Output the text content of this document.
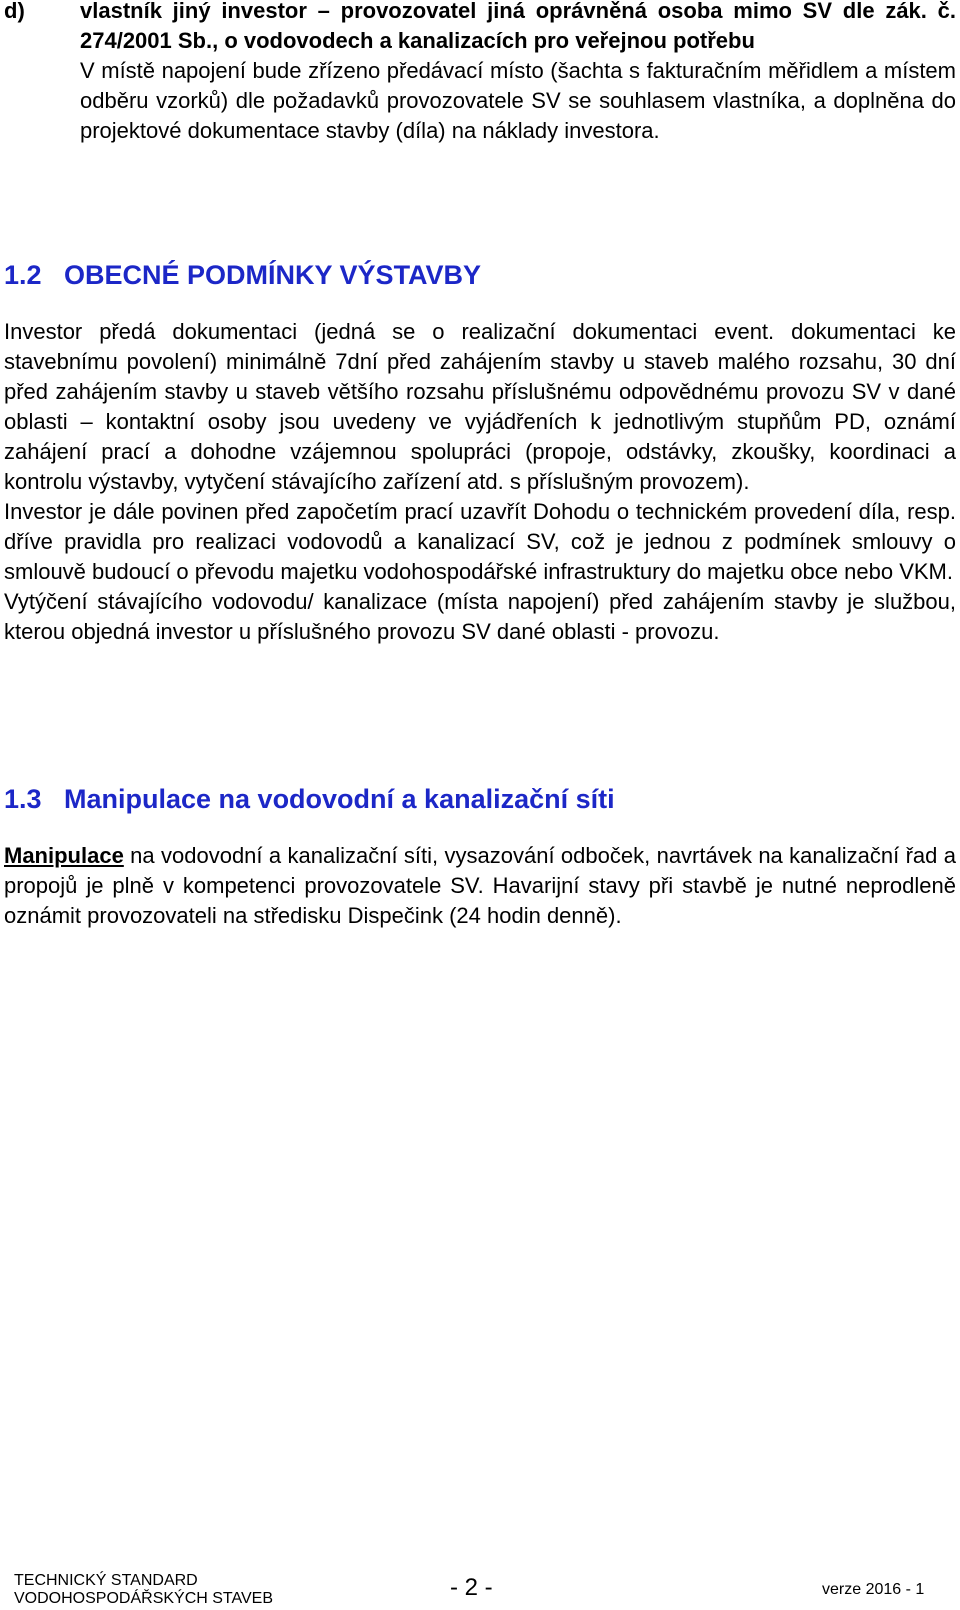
d)	vlastník jiný investor – provozovatel jiná oprávněná osoba mimo SV dle zák. č. 274/2001 Sb., o vodovodech a kanalizacích pro veřejnou potřebu

V místě napojení bude zřízeno předávací místo (šachta s fakturačním měřidlem a místem odběru vzorků) dle požadavků provozovatele SV se souhlasem vlastníka, a doplněna do projektové dokumentace stavby (díla) na náklady investora.

1.2 OBECNÉ PODMÍNKY VÝSTAVBY

Investor předá dokumentaci (jedná se o realizační dokumentaci event. dokumentaci ke stavebnímu povolení) minimálně 7dní před zahájením stavby u staveb malého rozsahu, 30 dní před zahájením stavby u staveb většího rozsahu příslušnému odpovědnému provozu SV v dané oblasti – kontaktní osoby jsou uvedeny ve vyjádřeních k jednotlivým stupňům PD, oznámí zahájení prací a dohodne vzájemnou spolupráci (propoje, odstávky, zkoušky, koordinaci a kontrolu výstavby, vytyčení stávajícího zařízení atd. s příslušným provozem).

Investor je dále povinen před započetím prací uzavřít Dohodu o technickém provedení díla, resp. dříve pravidla pro realizaci vodovodů a kanalizací SV, což je jednou z podmínek smlouvy o smlouvě budoucí o převodu majetku vodohospodářské infrastruktury do majetku obce nebo VKM.

Vytýčení stávajícího vodovodu/ kanalizace (místa napojení) před zahájením stavby je službou, kterou objedná investor u příslušného provozu SV dané oblasti - provozu.

1.3 Manipulace na vodovodní a kanalizační síti

Manipulace na vodovodní a kanalizační síti, vysazování odboček, navrtávek na kanalizační řad a propojů je plně v kompetenci provozovatele SV. Havarijní stavy při stavbě je nutné neprodleně oznámit provozovateli na středisku Dispečink (24 hodin denně).

TECHNICKÝ STANDARD
VODOHOSPODÁŘSKÝCH STAVEB	- 2 -	verze 2016 - 1
